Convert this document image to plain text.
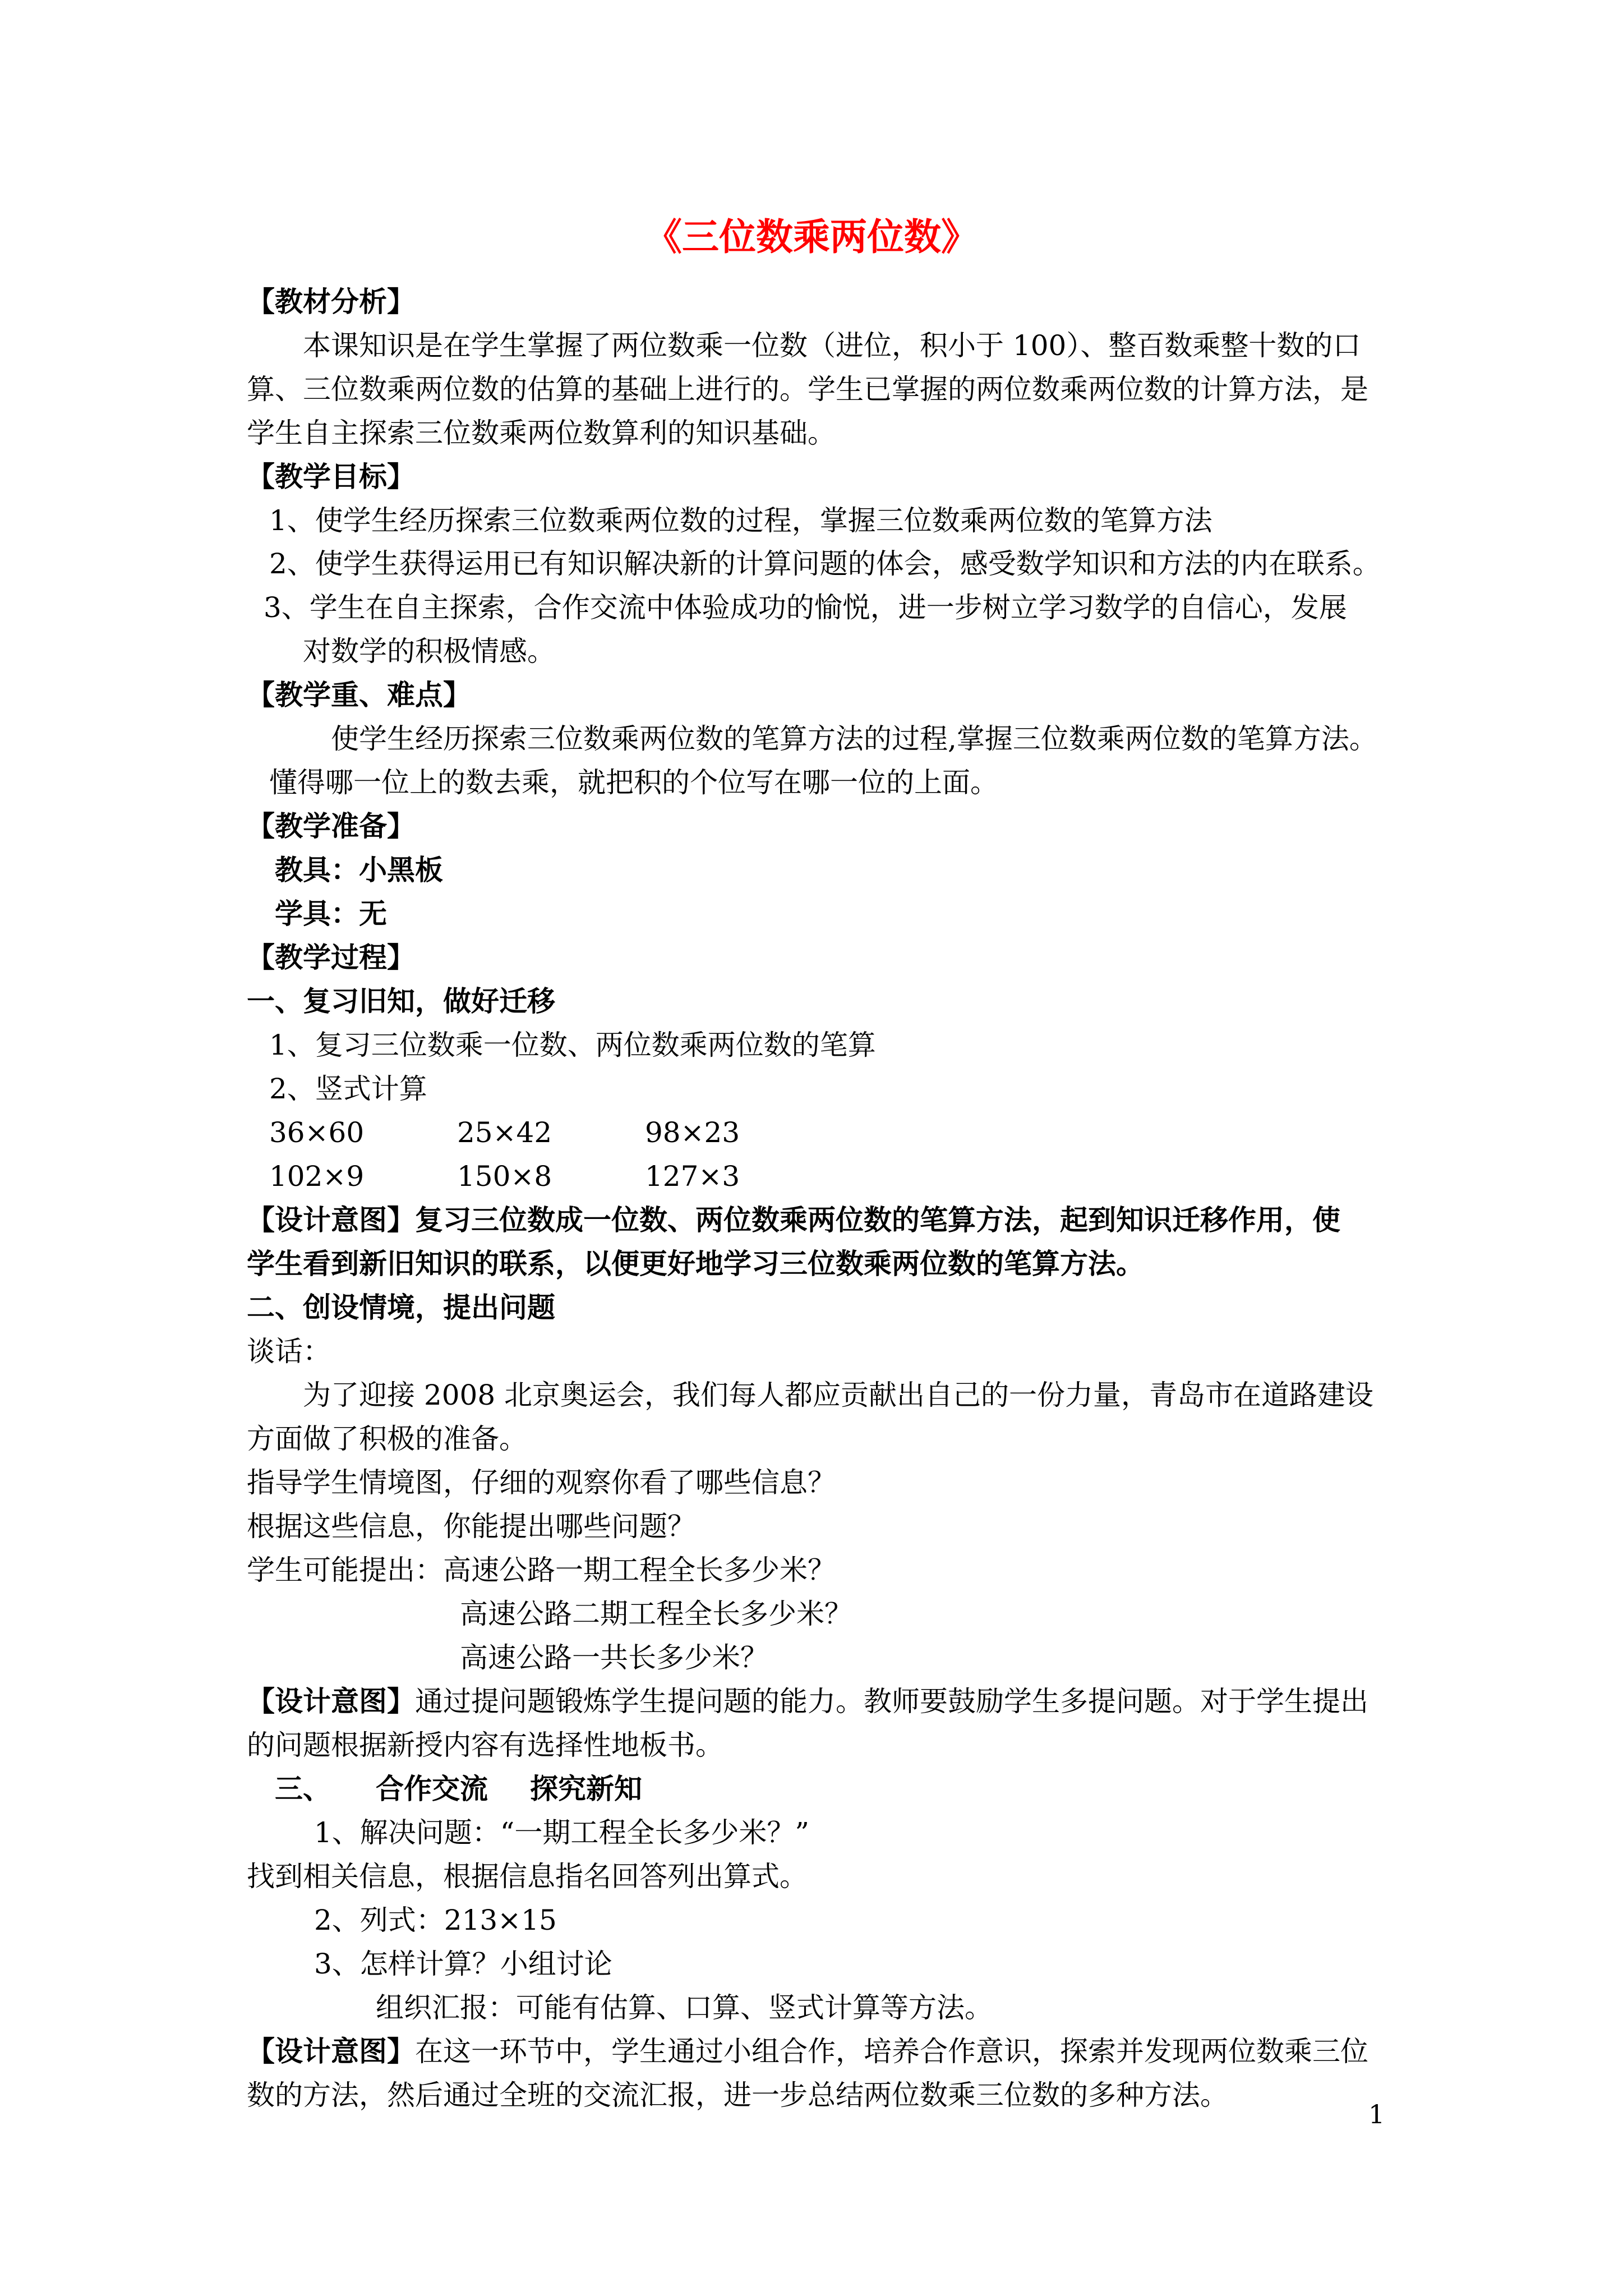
《三位数乘两位数》
【教材分析】
本课知识是在学生掌握了两位数乘一位数（进位，积小于 100）、整百数乘整十数的口
算、三位数乘两位数的估算的基础上进行的。学生已掌握的两位数乘两位数的计算方法，是
学生自主探索三位数乘两位数算利的知识基础。
【教学目标】
1、使学生经历探索三位数乘两位数的过程，掌握三位数乘两位数的笔算方法
2、使学生获得运用已有知识解决新的计算问题的体会，感受数学知识和方法的内在联系。
3、学生在自主探索，合作交流中体验成功的愉悦，进一步树立学习数学的自信心，发展
对数学的积极情感。
【教学重、难点】
使学生经历探索三位数乘两位数的笔算方法的过程,掌握三位数乘两位数的笔算方法。
懂得哪一位上的数去乘，就把积的个位写在哪一位的上面。
【教学准备】
教具：小黑板
学具：无
【教学过程】
一、复习旧知，做好迁移
1、复习三位数乘一位数、两位数乘两位数的笔算
2、竖式计算
36×60	25×42	98×23
102×9	150×8	127×3
【设计意图】复习三位数成一位数、两位数乘两位数的笔算方法，起到知识迁移作用，使
学生看到新旧知识的联系，以便更好地学习三位数乘两位数的笔算方法。
二、创设情境，提出问题
谈话：
为了迎接 2008 北京奥运会，我们每人都应贡献出自己的一份力量，青岛市在道路建设
方面做了积极的准备。
指导学生情境图，仔细的观察你看了哪些信息？
根据这些信息，你能提出哪些问题？
学生可能提出： 高速公路一期工程全长多少米？
高速公路二期工程全长多少米？
高速公路一共长多少米？
【设计意图】通过提问题锻炼学生提问题的能力。教师要鼓励学生多提问题。对于学生提出
的问题根据新授内容有选择性地板书。
三、 合作交流 探究新知
1、解决问题：“一期工程全长多少米？”
找到相关信息，根据信息指名回答列出算式。
2、列式：213×15
3、怎样计算？小组讨论
组织汇报：可能有估算、口算、竖式计算等方法。
【设计意图】在这一环节中，学生通过小组合作，培养合作意识，探索并发现两位数乘三位
数的方法，然后通过全班的交流汇报，进一步总结两位数乘三位数的多种方法。
1
